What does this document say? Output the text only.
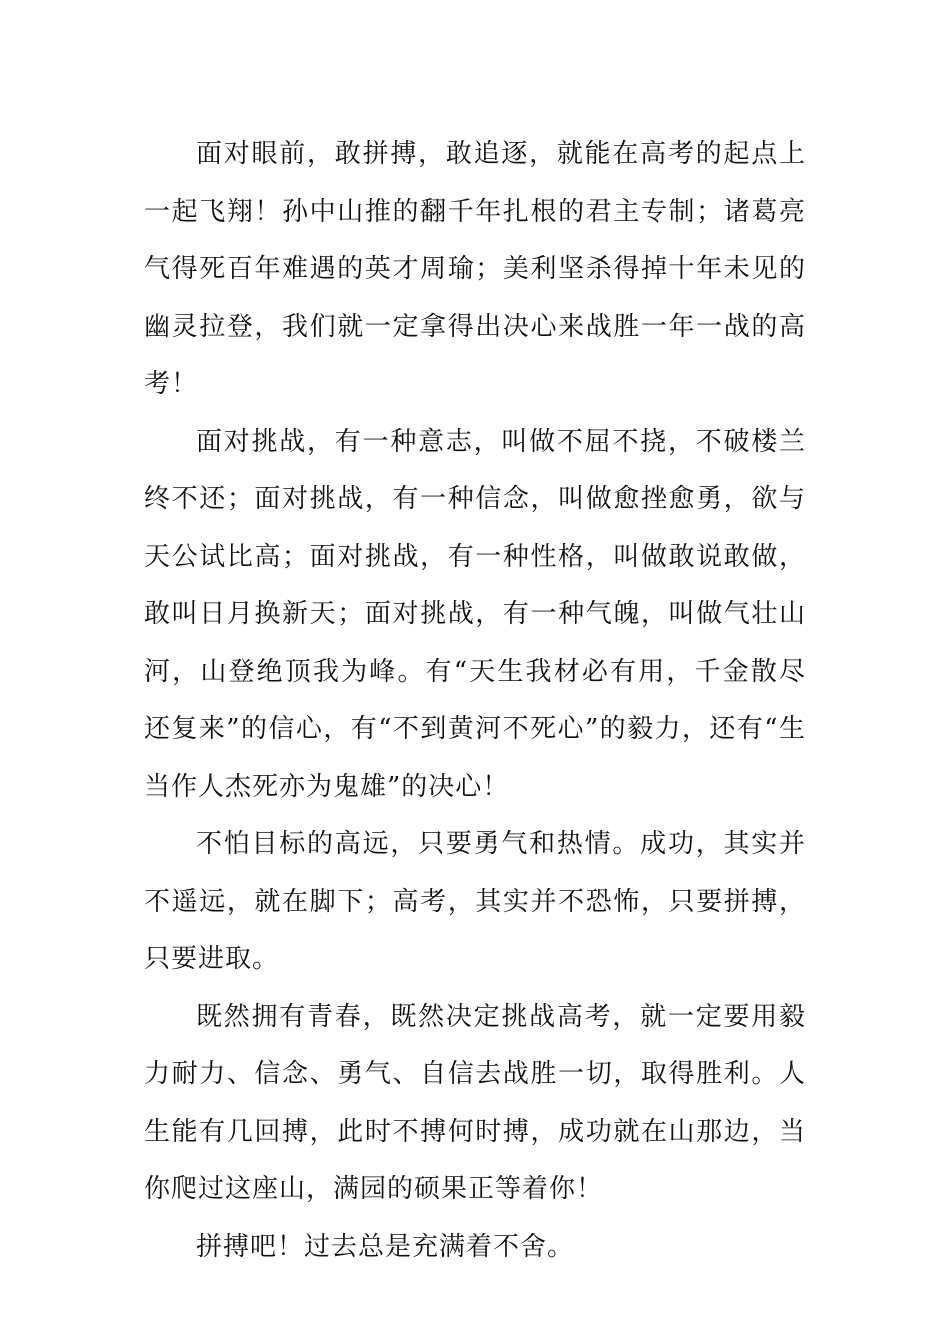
面对眼前，敢拼搏，敢追逐，就能在高考的起点上一起飞翔！孙中山推的翻千年扎根的君主专制；诸葛亮气得死百年难遇的英才周瑜；美利坚杀得掉十年未见的幽灵拉登，我们就一定拿得出决心来战胜一年一战的高考！

面对挑战，有一种意志，叫做不屈不挠，不破楼兰终不还；面对挑战，有一种信念，叫做愈挫愈勇，欲与天公试比高；面对挑战，有一种性格，叫做敢说敢做，敢叫日月换新天；面对挑战，有一种气魄，叫做气壮山河，山登绝顶我为峰。有“天生我材必有用，千金散尽还复来”的信心，有“不到黄河不死心”的毅力，还有“生当作人杰死亦为鬼雄”的决心！

不怕目标的高远，只要勇气和热情。成功，其实并不遥远，就在脚下；高考，其实并不恐怖，只要拼搏，只要进取。

既然拥有青春，既然决定挑战高考，就一定要用毅力耐力、信念、勇气、自信去战胜一切，取得胜利。人生能有几回搏，此时不搏何时搏，成功就在山那边，当你爬过这座山，满园的硕果正等着你！

拼搏吧！过去总是充满着不舍。
